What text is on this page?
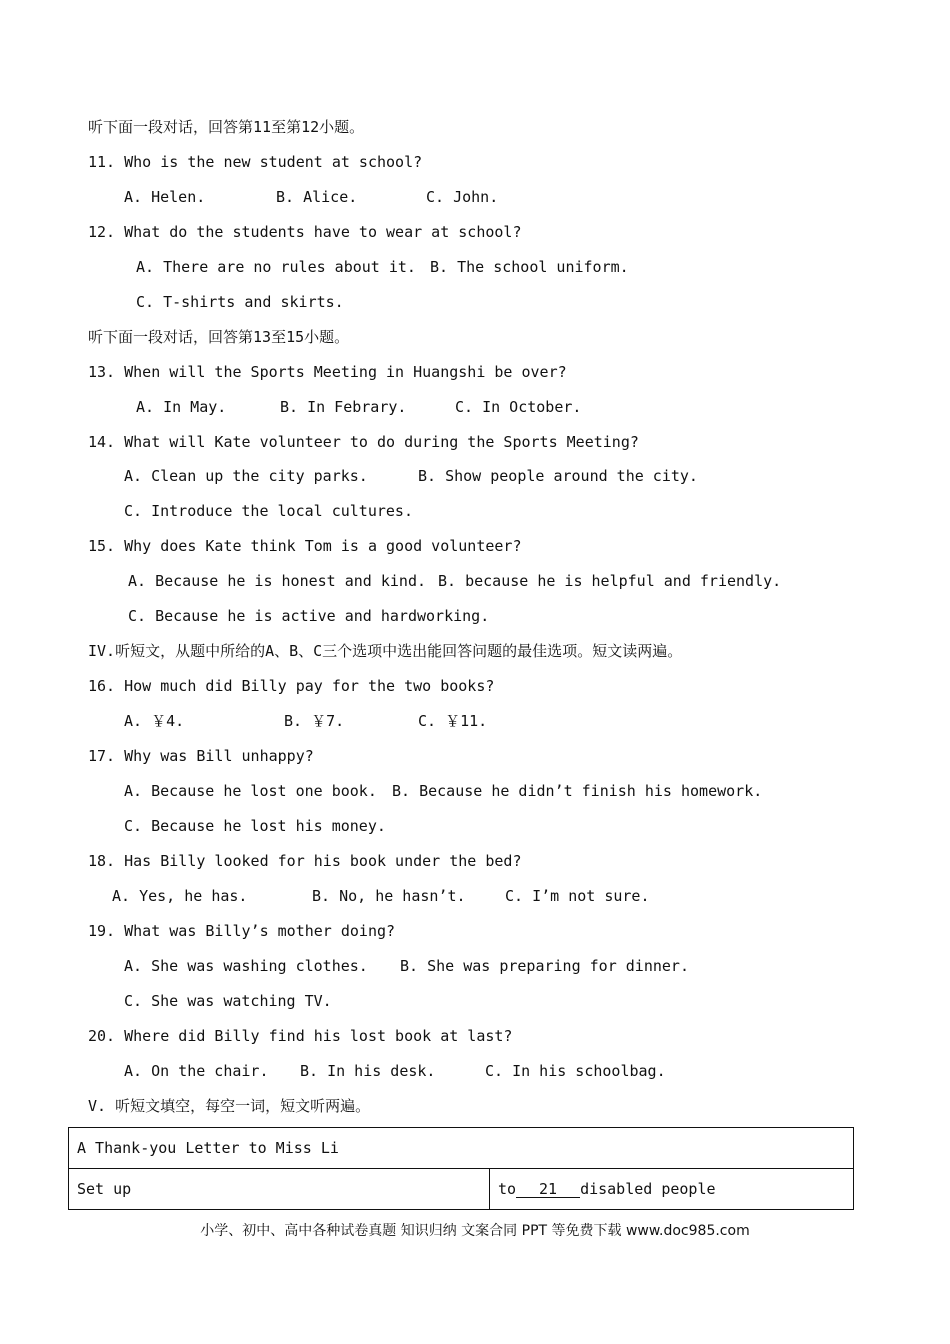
听下面一段对话，回答第11至第12小题。
11. Who is the new student at school?
A. Helen.	B. Alice.	C. John.
12. What do the students have to wear at school?
A. There are no rules about it. B. The school uniform.
C. T-shirts and skirts.
听下面一段对话，回答第13至15小题。
13. When will the Sports Meeting in Huangshi be over?
A. In May.	B. In Febrary.	C. In October.
14. What will Kate volunteer to do during the Sports Meeting?
A. Clean up the city parks.	B. Show people around the city.
C. Introduce the local cultures.
15. Why does Kate think Tom is a good volunteer?
A. Because he is honest and kind. B. because he is helpful and friendly.
C. Because he is active and hardworking.
IV.听短文，从题中所给的A、B、C三个选项中选出能回答问题的最佳选项。短文读两遍。
16. How much did Billy pay for the two books?
A. ￥4.	B. ￥7.	C. ￥11.
17. Why was Bill unhappy?
A. Because he lost one book. B. Because he didn’t finish his homework.
C. Because he lost his money.
18. Has Billy looked for his book under the bed?
A. Yes, he has.	B. No, he hasn’t.	C. I’m not sure.
19. What was Billy’s mother doing?
A. She was washing clothes. B. She was preparing for dinner.
C. She was watching TV.
20. Where did Billy find his lost book at last?
A. On the chair. B. In his desk.	C. In his schoolbag.
V. 听短文填空，每空一词，短文听两遍。
A Thank-you Letter to Miss Li
Set up	to 21 disabled people
小学、初中、高中各种试卷真题 知识归纳 文案合同 PPT 等免费下载 www.doc985.com
